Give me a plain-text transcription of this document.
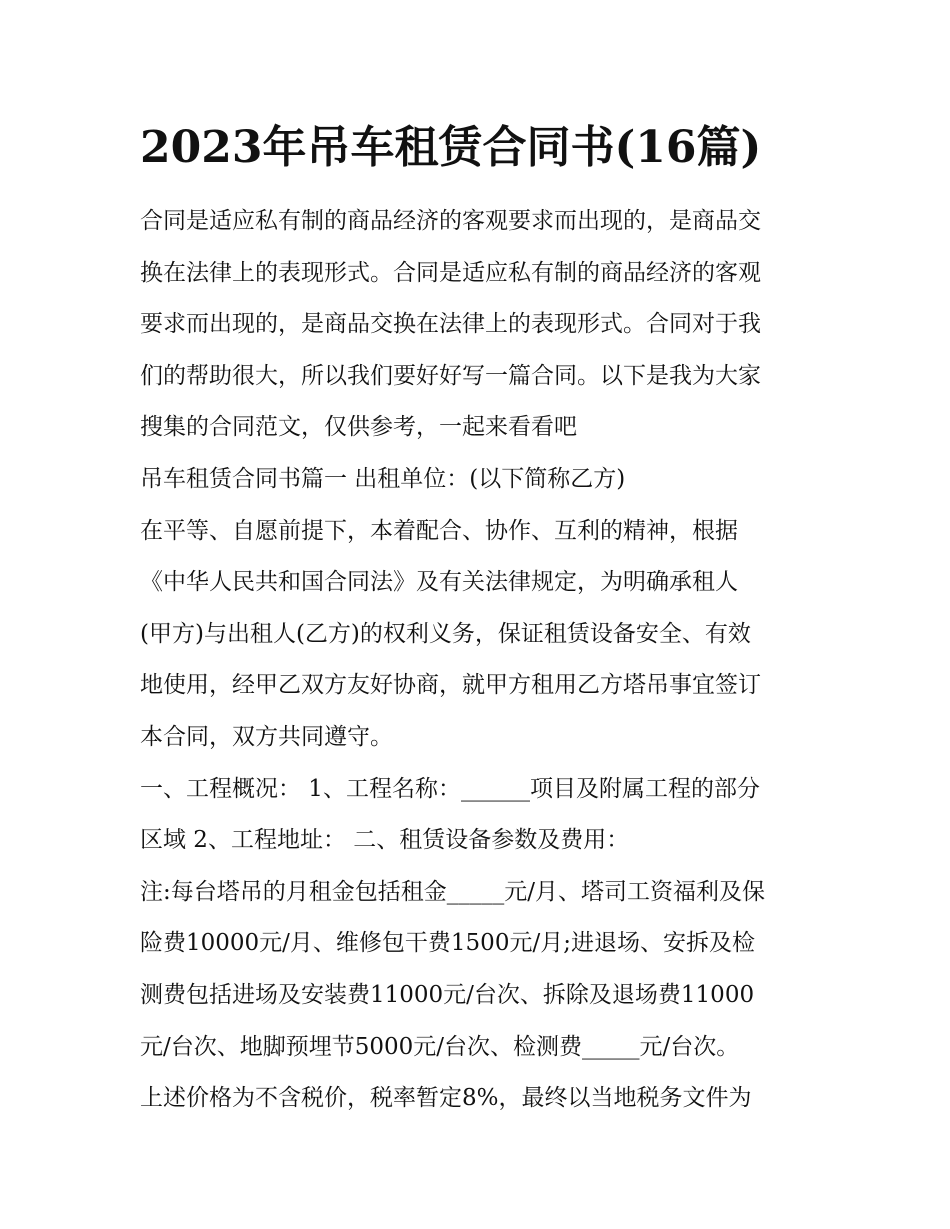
2023年吊车租赁合同书(16篇)
合同是适应私有制的商品经济的客观要求而出现的，是商品交
换在法律上的表现形式。合同是适应私有制的商品经济的客观
要求而出现的，是商品交换在法律上的表现形式。合同对于我
们的帮助很大，所以我们要好好写一篇合同。以下是我为大家
搜集的合同范文，仅供参考，一起来看看吧
吊车租赁合同书篇一 出租单位：(以下简称乙方)
在平等、自愿前提下，本着配合、协作、互利的精神，根据
《中华人民共和国合同法》及有关法律规定，为明确承租人
(甲方)与出租人(乙方)的权利义务，保证租赁设备安全、有效
地使用，经甲乙双方友好协商，就甲方租用乙方塔吊事宜签订
本合同，双方共同遵守。
一、工程概况： 1、工程名称：______项目及附属工程的部分
区域 2、工程地址： 二、租赁设备参数及费用：
注:每台塔吊的月租金包括租金_____元/月、塔司工资福利及保
险费10000元/月、维修包干费1500元/月;进退场、安拆及检
测费包括进场及安装费11000元/台次、拆除及退场费11000
元/台次、地脚预埋节5000元/台次、检测费_____元/台次。
上述价格为不含税价，税率暂定8%，最终以当地税务文件为
